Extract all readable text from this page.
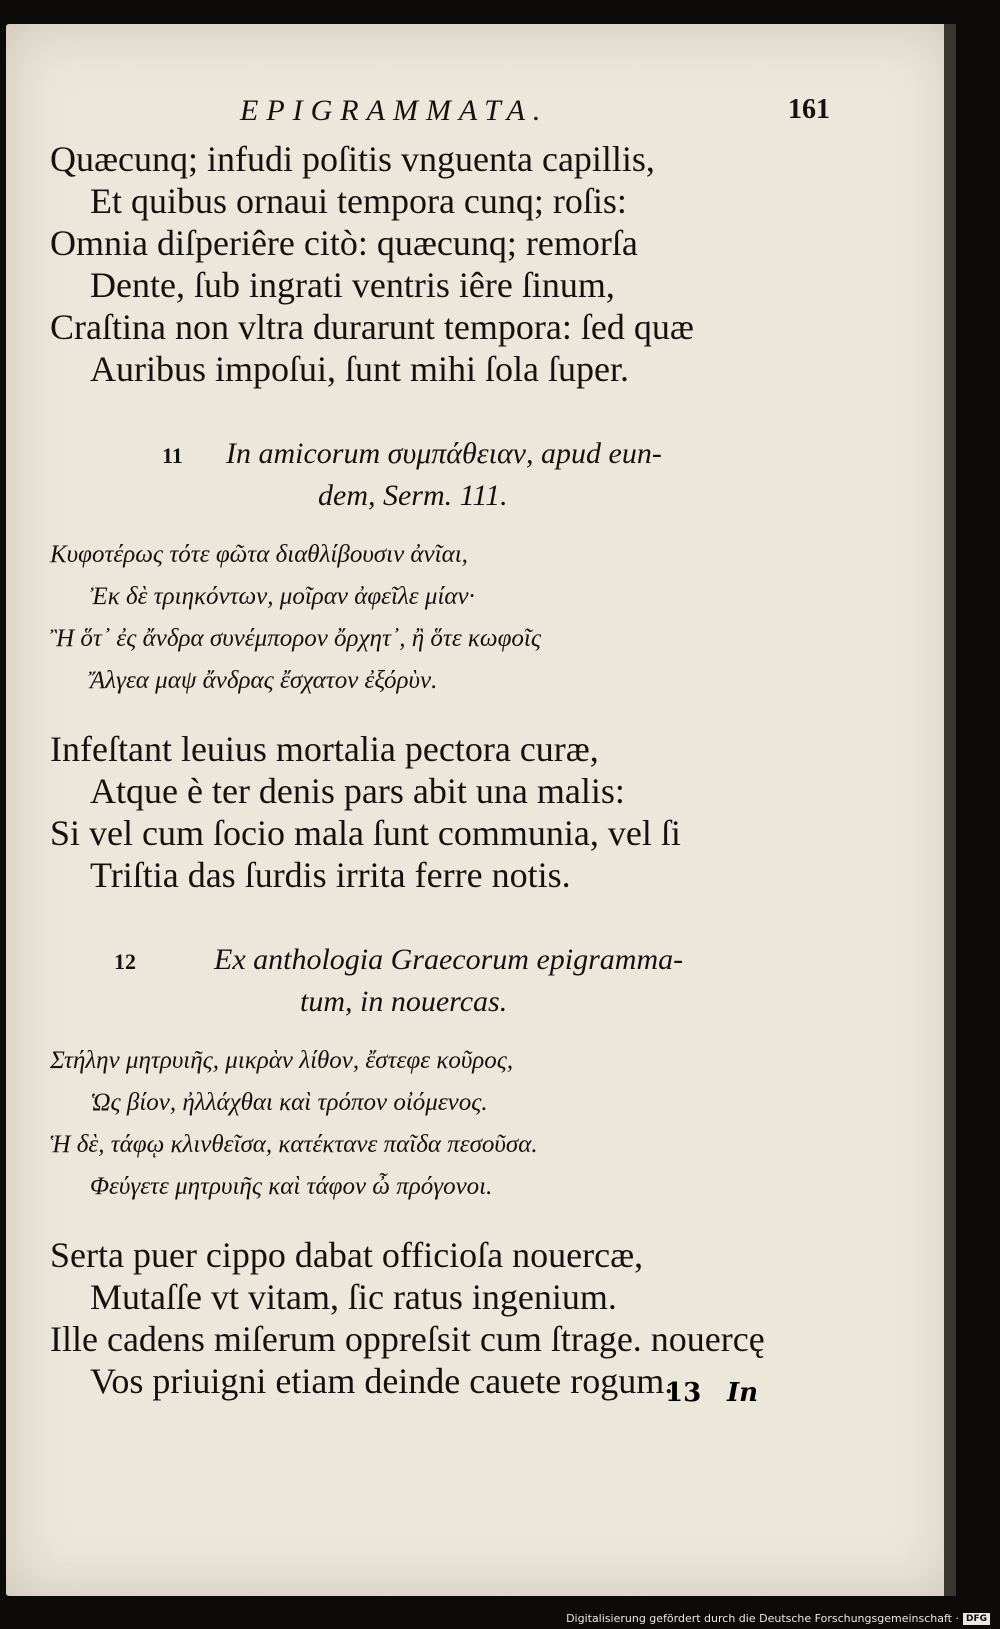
EPIGRAMMATA.	161
Quæcunq; infudi poſitis vnguenta capillis,
Et quibus ornaui tempora cunq; roſis:
Omnia diſperiêre citò: quæcunq; remorſa
Dente, ſub ingrati ventris iêre ſinum,
Craſtina non vltra durarunt tempora: ſed quæ
Auribus impoſui, ſunt mihi ſola ſuper.
11 In amicorum συμπάθειαν, apud eun-
dem, Serm. 111.
Κυφοτέρως τότε φῶτα διαθλίβουσιν ἀνῖαι,
Ἐκ δὲ τριηκόντων, μοῖραν ἀφεῖλε μίαν·
Ἢ ὅτ᾽ ἐς ἄνδρα συνέμπορον ὄρχητ᾽, ἢ ὅτε κωφοῖς
Ἄλγεα μαψ ἄνδρας ἔσχατον ἐξόρὺν.
Infeſtant leuius mortalia pectora curæ,
Atque è ter denis pars abit una malis:
Si vel cum ſocio mala ſunt communia, vel ſi
Triſtia das ſurdis irrita ferre notis.
12	Ex anthologia Graecorum epigramma-
tum, in nouercas.
Στήλην μητρυιῆς, μικρὰν λίθον, ἔστεφε κοῦρος,
Ὡς βίον, ἠλλάχθαι καὶ τρόπον οἰόμενος.
Ἡ δὲ, τάφῳ κλινθεῖσα, κατέκτανε παῖδα πεσοῦσα.
Φεύγετε μητρυιῆς καὶ τάφον ὦ πρόγονοι.
Serta puer cippo dabat officioſa nouercæ,
Mutaſſe vt vitam, ſic ratus ingenium.
Ille cadens miſerum oppreſsit cum ſtrage. nouercę
Vos priuigni etiam deinde cauete rogum.
13 In
Digitalisierung gefördert durch die Deutsche Forschungsgemeinschaft · DFG
